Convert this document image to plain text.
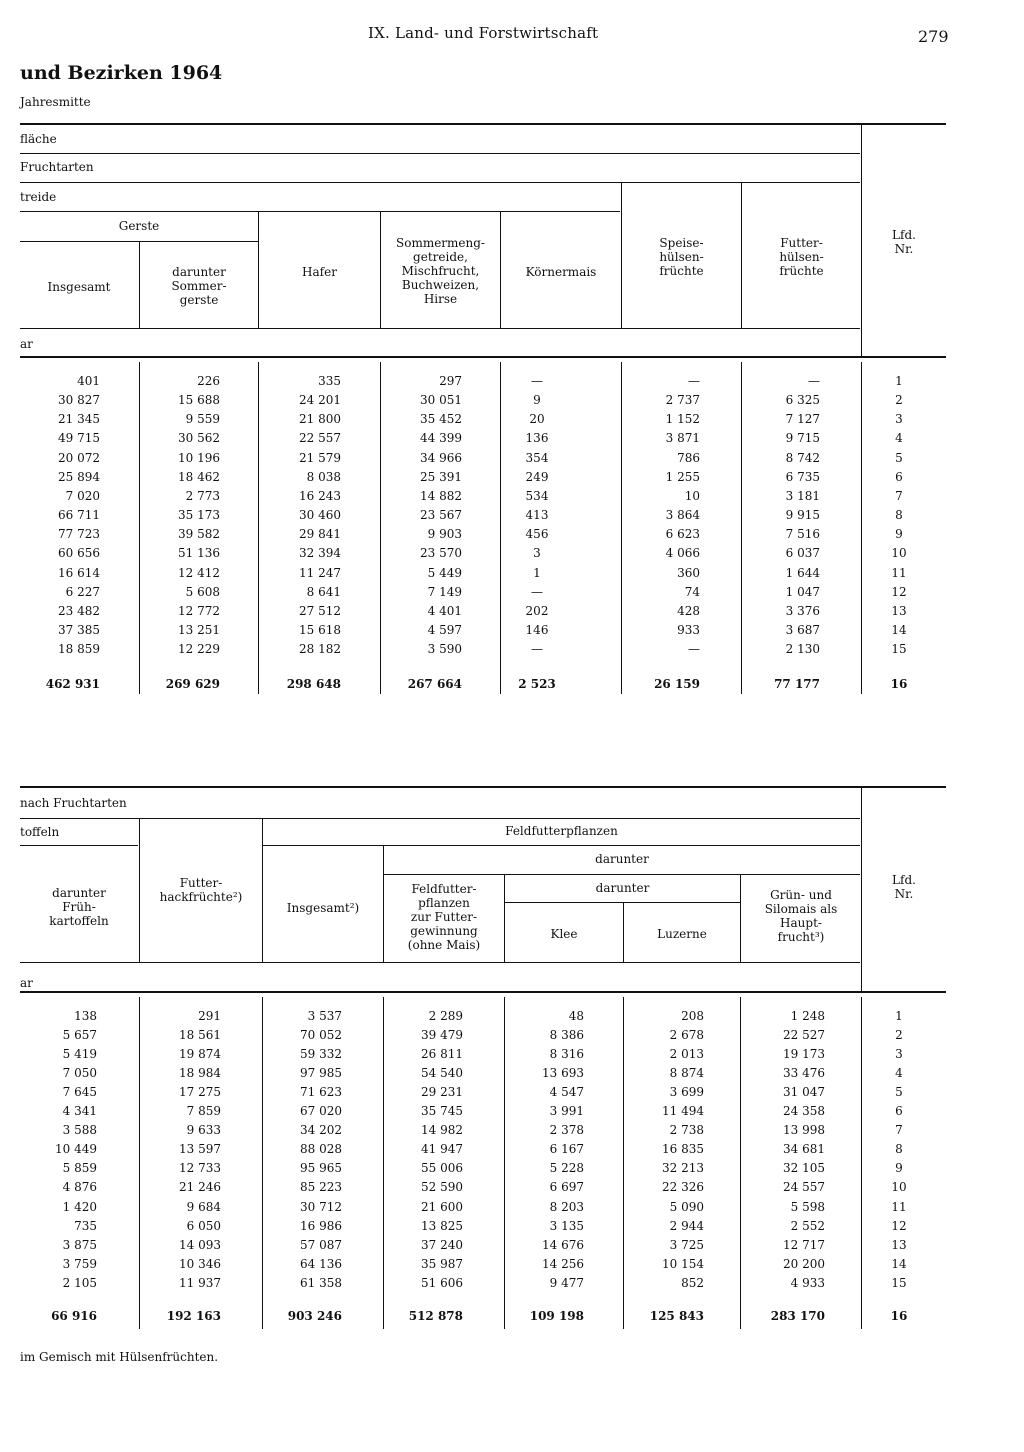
IX. Land- und Forstwirtschaft	279
und Bezirken 1964
Jahresmitte
fläche
Fruchtarten
treide
Gerste
ar
Insgesamt
darunter
Sommer-
gerste
Hafer
Sommermeng-
getreide,
Mischfrucht,
Buchweizen,
Hirse
Körnermais
Speise-
hülsen-
früchte
Futter-
hülsen-
früchte
Lfd.
Nr.
401	226	335	297	—	—	—	1
30 827	15 688	24 201	30 051	9	2 737	6 325	2
21 345	9 559	21 800	35 452	20	1 152	7 127	3
49 715	30 562	22 557	44 399	136	3 871	9 715	4
20 072	10 196	21 579	34 966	354	786	8 742	5
25 894	18 462	8 038	25 391	249	1 255	6 735	6
7 020	2 773	16 243	14 882	534	10	3 181	7
66 711	35 173	30 460	23 567	413	3 864	9 915	8
77 723	39 582	29 841	9 903	456	6 623	7 516	9
60 656	51 136	32 394	23 570	3	4 066	6 037	10
16 614	12 412	11 247	5 449	1	360	1 644	11
6 227	5 608	8 641	7 149	—	74	1 047	12
23 482	12 772	27 512	4 401	202	428	3 376	13
37 385	13 251	15 618	4 597	146	933	3 687	14
18 859	12 229	28 182	3 590	—	—	2 130	15
462 931	269 629	298 648	267 664	2 523	26 159	77 177	16
nach Fruchtarten
toffeln	Feldfutterpflanzen
darunter
darunter
ar
darunter
Früh-
kartoffeln
Futter-
hackfrüchte²)
Insgesamt²)
Feldfutter-
pflanzen
zur Futter-
gewinnung
(ohne Mais)
Klee	Luzerne
Grün- und
Silomais als
Haupt-
frucht³)
Lfd.
Nr.
138	291	3 537	2 289	48	208	1 248	1
5 657	18 561	70 052	39 479	8 386	2 678	22 527	2
5 419	19 874	59 332	26 811	8 316	2 013	19 173	3
7 050	18 984	97 985	54 540	13 693	8 874	33 476	4
7 645	17 275	71 623	29 231	4 547	3 699	31 047	5
4 341	7 859	67 020	35 745	3 991	11 494	24 358	6
3 588	9 633	34 202	14 982	2 378	2 738	13 998	7
10 449	13 597	88 028	41 947	6 167	16 835	34 681	8
5 859	12 733	95 965	55 006	5 228	32 213	32 105	9
4 876	21 246	85 223	52 590	6 697	22 326	24 557	10
1 420	9 684	30 712	21 600	8 203	5 090	5 598	11
735	6 050	16 986	13 825	3 135	2 944	2 552	12
3 875	14 093	57 087	37 240	14 676	3 725	12 717	13
3 759	10 346	64 136	35 987	14 256	10 154	20 200	14
2 105	11 937	61 358	51 606	9 477	852	4 933	15
66 916	192 163	903 246	512 878	109 198	125 843	283 170	16
im Gemisch mit Hülsenfrüchten.
